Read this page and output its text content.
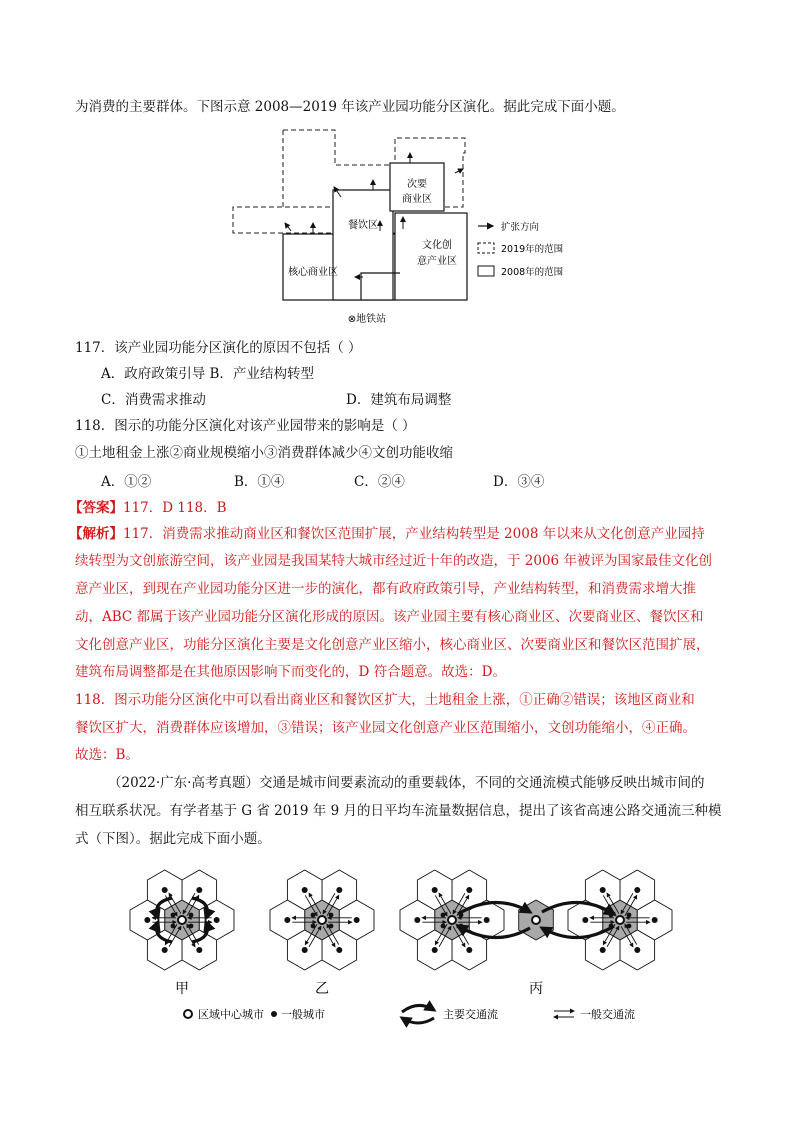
为消费的主要群体。下图示意 2008—2019 年该产业园功能分区演化。据此完成下面小题。
餐饮区
次要
商业区
文化创
意产业区
核心商业区
⊗地铁站
扩张方向
2019年的范围
2008年的范围
117．该产业园功能分区演化的原因不包括（ ）
A．政府政策引导 B．产业结构转型
C．消费需求推动	D．建筑布局调整
118．图示的功能分区演化对该产业园带来的影响是（ ）
①土地租金上涨②商业规模缩小③消费群体减少④文创功能收缩
A．①②	B．①④	C．②④	D．③④
【答案】117．D 118．B
【解析】117．消费需求推动商业区和餐饮区范围扩展，产业结构转型是 2008 年以来从文化创意产业园持
续转型为文创旅游空间，该产业园是我国某特大城市经过近十年的改造，于 2006 年被评为国家最佳文化创
意产业区，到现在产业园功能分区进一步的演化，都有政府政策引导，产业结构转型，和消费需求增大推
动，ABC 都属于该产业园功能分区演化形成的原因。该产业园主要有核心商业区、次要商业区、餐饮区和
文化创意产业区，功能分区演化主要是文化创意产业区缩小，核心商业区、次要商业区和餐饮区范围扩展，
建筑布局调整都是在其他原因影响下而变化的，D 符合题意。故选：D。
118．图示功能分区演化中可以看出商业区和餐饮区扩大，土地租金上涨，①正确②错误；该地区商业和
餐饮区扩大，消费群体应该增加，③错误；该产业园文化创意产业区范围缩小，文创功能缩小，④正确。
故选：B。
（2022·广东·高考真题）交通是城市间要素流动的重要载体，不同的交通流模式能够反映出城市间的
相互联系状况。有学者基于 G 省 2019 年 9 月的日平均车流量数据信息，提出了该省高速公路交通流三种模
式（下图）。据此完成下面小题。
甲	乙	丙
区域中心城市 一般城市	主要交通流	一般交通流
